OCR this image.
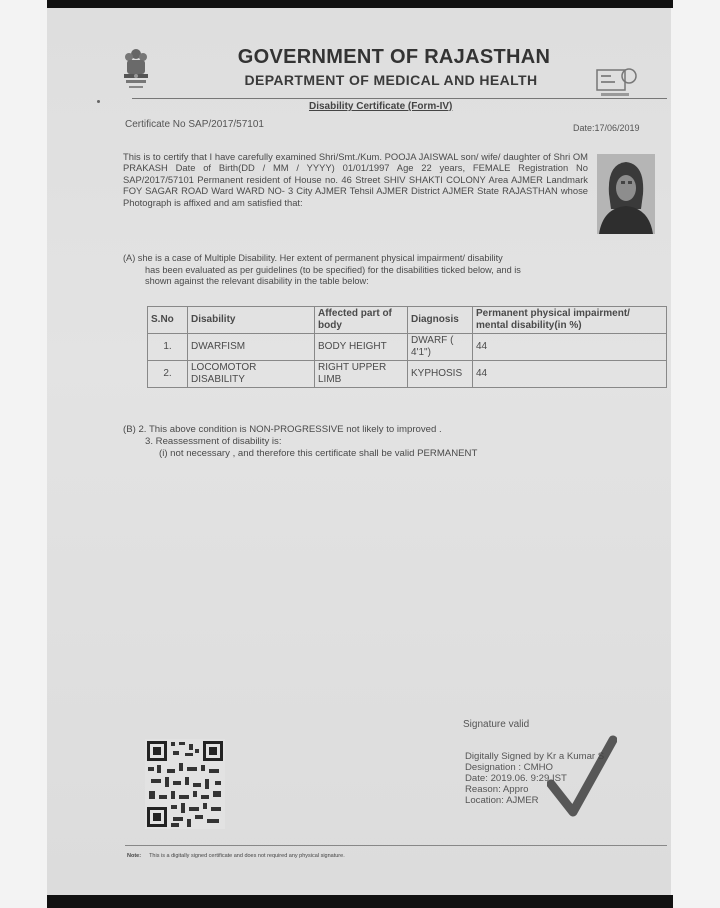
GOVERNMENT OF RAJASTHAN
DEPARTMENT OF MEDICAL AND HEALTH
Disability Certificate (Form-IV)
Certificate No SAP/2017/57101	Date:17/06/2019

This is to certify that I have carefully examined Shri/Smt./Kum. POOJA JAISWAL son/ wife/ daughter of Shri OM PRAKASH Date of Birth(DD / MM / YYYY) 01/01/1997 Age 22 years, FEMALE Registration No SAP/2017/57101 Permanent resident of House no. 46 Street SHIV SHAKTI COLONY Area AJMER Landmark FOY SAGAR ROAD Ward WARD NO- 3 City AJMER Tehsil AJMER District AJMER State RAJASTHAN whose Photograph is affixed and am satisfied that:

(A) she is a case of Multiple Disability. Her extent of permanent physical impairment/ disability
has been evaluated as per guidelines (to be specified) for the disabilities ticked below, and is
shown against the relevant disability in the table below:

S.No	Disability	Affected part of body	Diagnosis	Permanent physical impairment/ mental disability(in %)
1.	DWARFISM	BODY HEIGHT	DWARF ( 4'1")	44
2.	LOCOMOTOR DISABILITY	RIGHT UPPER LIMB	KYPHOSIS	44
(B) 2. This above condition is NON-PROGRESSIVE not likely to improved .
3. Reassessment of disability is:
(i) not necessary , and therefore this certificate shall be valid PERMANENT
Signature valid
Digitally Signed by Kr a Kumar S
Designation : CMHO
Date: 2019.06. 9:29 IST
Reason: Appro
Location: AJMER
Note: This is a digitally signed certificate and does not required any physical signature.
